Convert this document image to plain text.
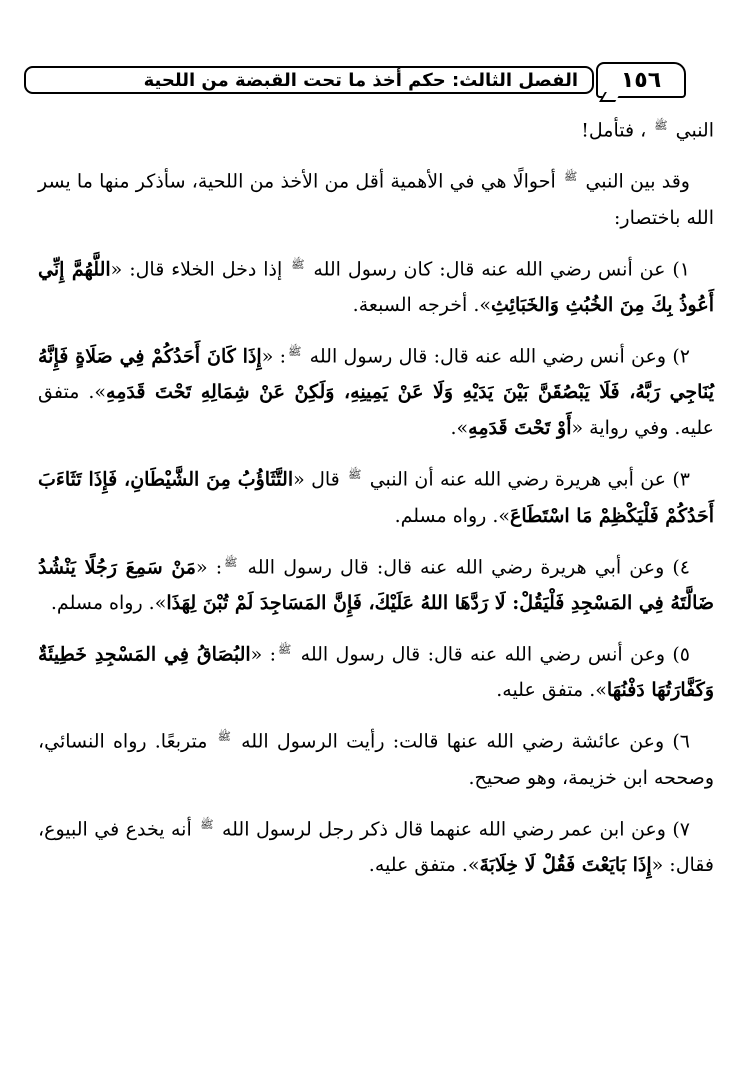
١٥٦
الفصل الثالث: حكم أخذ ما تحت القبضة من اللحية

النبي $^ﷺ$ ، فتأمل!

وقد بين النبي $^ﷺ$ أحوالًا هي في الأهمية أقل من الأخذ من اللحية، سأذكر منها ما يسر الله باختصار:

١) عن أنس رضي الله عنه قال: كان رسول الله $^ﷺ$ إذا دخل الخلاء قال: «اللَّهُمَّ إِنِّي أَعُوذُ بِكَ مِنَ الخُبُثِ وَالخَبَائِثِ». أخرجه السبعة.

٢) وعن أنس رضي الله عنه قال: قال رسول الله $^ﷺ$: «إِذَا كَانَ أَحَدُكُمْ فِي صَلَاةٍ فَإِنَّهُ يُنَاجِي رَبَّهُ، فَلَا يَبْصُقَنَّ بَيْنَ يَدَيْهِ وَلَا عَنْ يَمِينِهِ، وَلَكِنْ عَنْ شِمَالِهِ تَحْتَ قَدَمِهِ». متفق عليه. وفي رواية «أَوْ تَحْتَ قَدَمِهِ».

٣) عن أبي هريرة رضي الله عنه أن النبي $^ﷺ$ قال «التَّثَاؤُبُ مِنَ الشَّيْطَانِ، فَإِذَا تَثَاءَبَ أَحَدُكُمْ فَلْيَكْظِمْ مَا اسْتَطَاعَ». رواه مسلم.

٤) وعن أبي هريرة رضي الله عنه قال: قال رسول الله $^ﷺ$: «مَنْ سَمِعَ رَجُلًا يَنْشُدُ ضَالَّتَهُ فِي المَسْجِدِ فَلْيَقُلْ: لَا رَدَّهَا اللهُ عَلَيْكَ، فَإِنَّ المَسَاجِدَ لَمْ تُبْنَ لِهَذَا». رواه مسلم.

٥) وعن أنس رضي الله عنه قال: قال رسول الله $^ﷺ$: «البُصَاقُ فِي المَسْجِدِ خَطِيئَةٌ وَكَفَّارَتُهَا دَفْنُهَا». متفق عليه.

٦) وعن عائشة رضي الله عنها قالت: رأيت الرسول الله $^ﷺ$ متربعًا. رواه النسائي، وصححه ابن خزيمة، وهو صحيح.

٧) وعن ابن عمر رضي الله عنهما قال ذكر رجل لرسول الله $^ﷺ$ أنه يخدع في البيوع، فقال: «إِذَا بَايَعْتَ فَقُلْ لَا خِلَابَةَ». متفق عليه.
